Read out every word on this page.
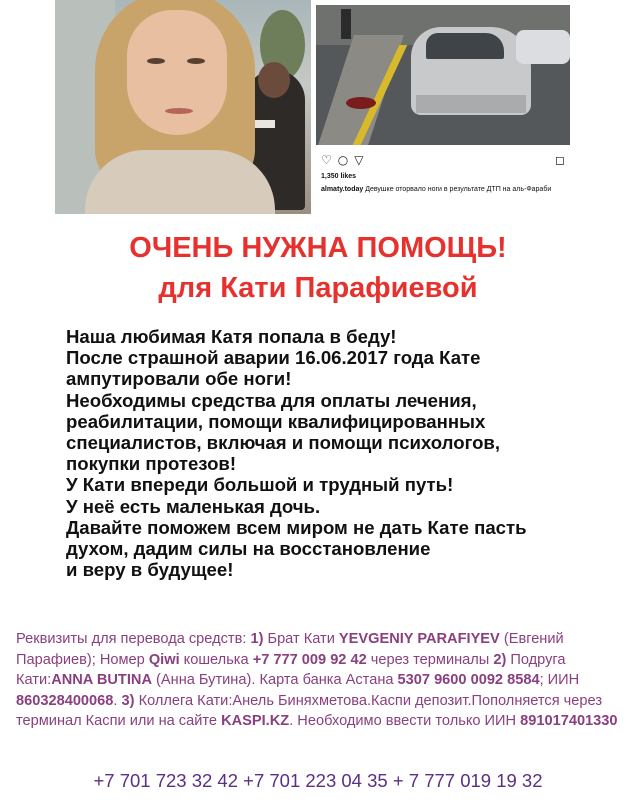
♡ ○ ▽	◻
1,350 likes
almaty.today Девушке оторвало ноги в результате ДТП на аль-Фараби
ОЧЕНЬ НУЖНА ПОМОЩЬ!
для Кати Парафиевой
Наша любимая Катя попала в беду!
После страшной аварии 16.06.2017 года Кате
ампутировали обе ноги!
Необходимы средства для оплаты лечения,
реабилитации, помощи квалифицированных
специалистов, включая и помощи психологов,
покупки протезов!
У Кати впереди большой и трудный путь!
У неё есть маленькая дочь.
Давайте поможем всем миром не дать Кате пасть
духом, дадим силы на восстановление
и веру в будущее!
Реквизиты для перевода средств: 1) Брат Кати YEVGENIY PARAFIYEV (Евгений Парафиев); Номер Qiwi кошелька +7 777 009 92 42 через терминалы 2) Подруга Кати:ANNA BUTINA (Анна Бутина). Карта банка Астана 5307 9600 0092 8584; ИИН 860328400068. 3) Коллега Кати:Анель Биняхметова.Каспи депозит.Пополняется через терминал Каспи или на сайте KASPI.KZ. Необходимо ввести только ИИН 891017401330
+7 701 723 32 42 +7 701 223 04 35 + 7 777 019 19 32
